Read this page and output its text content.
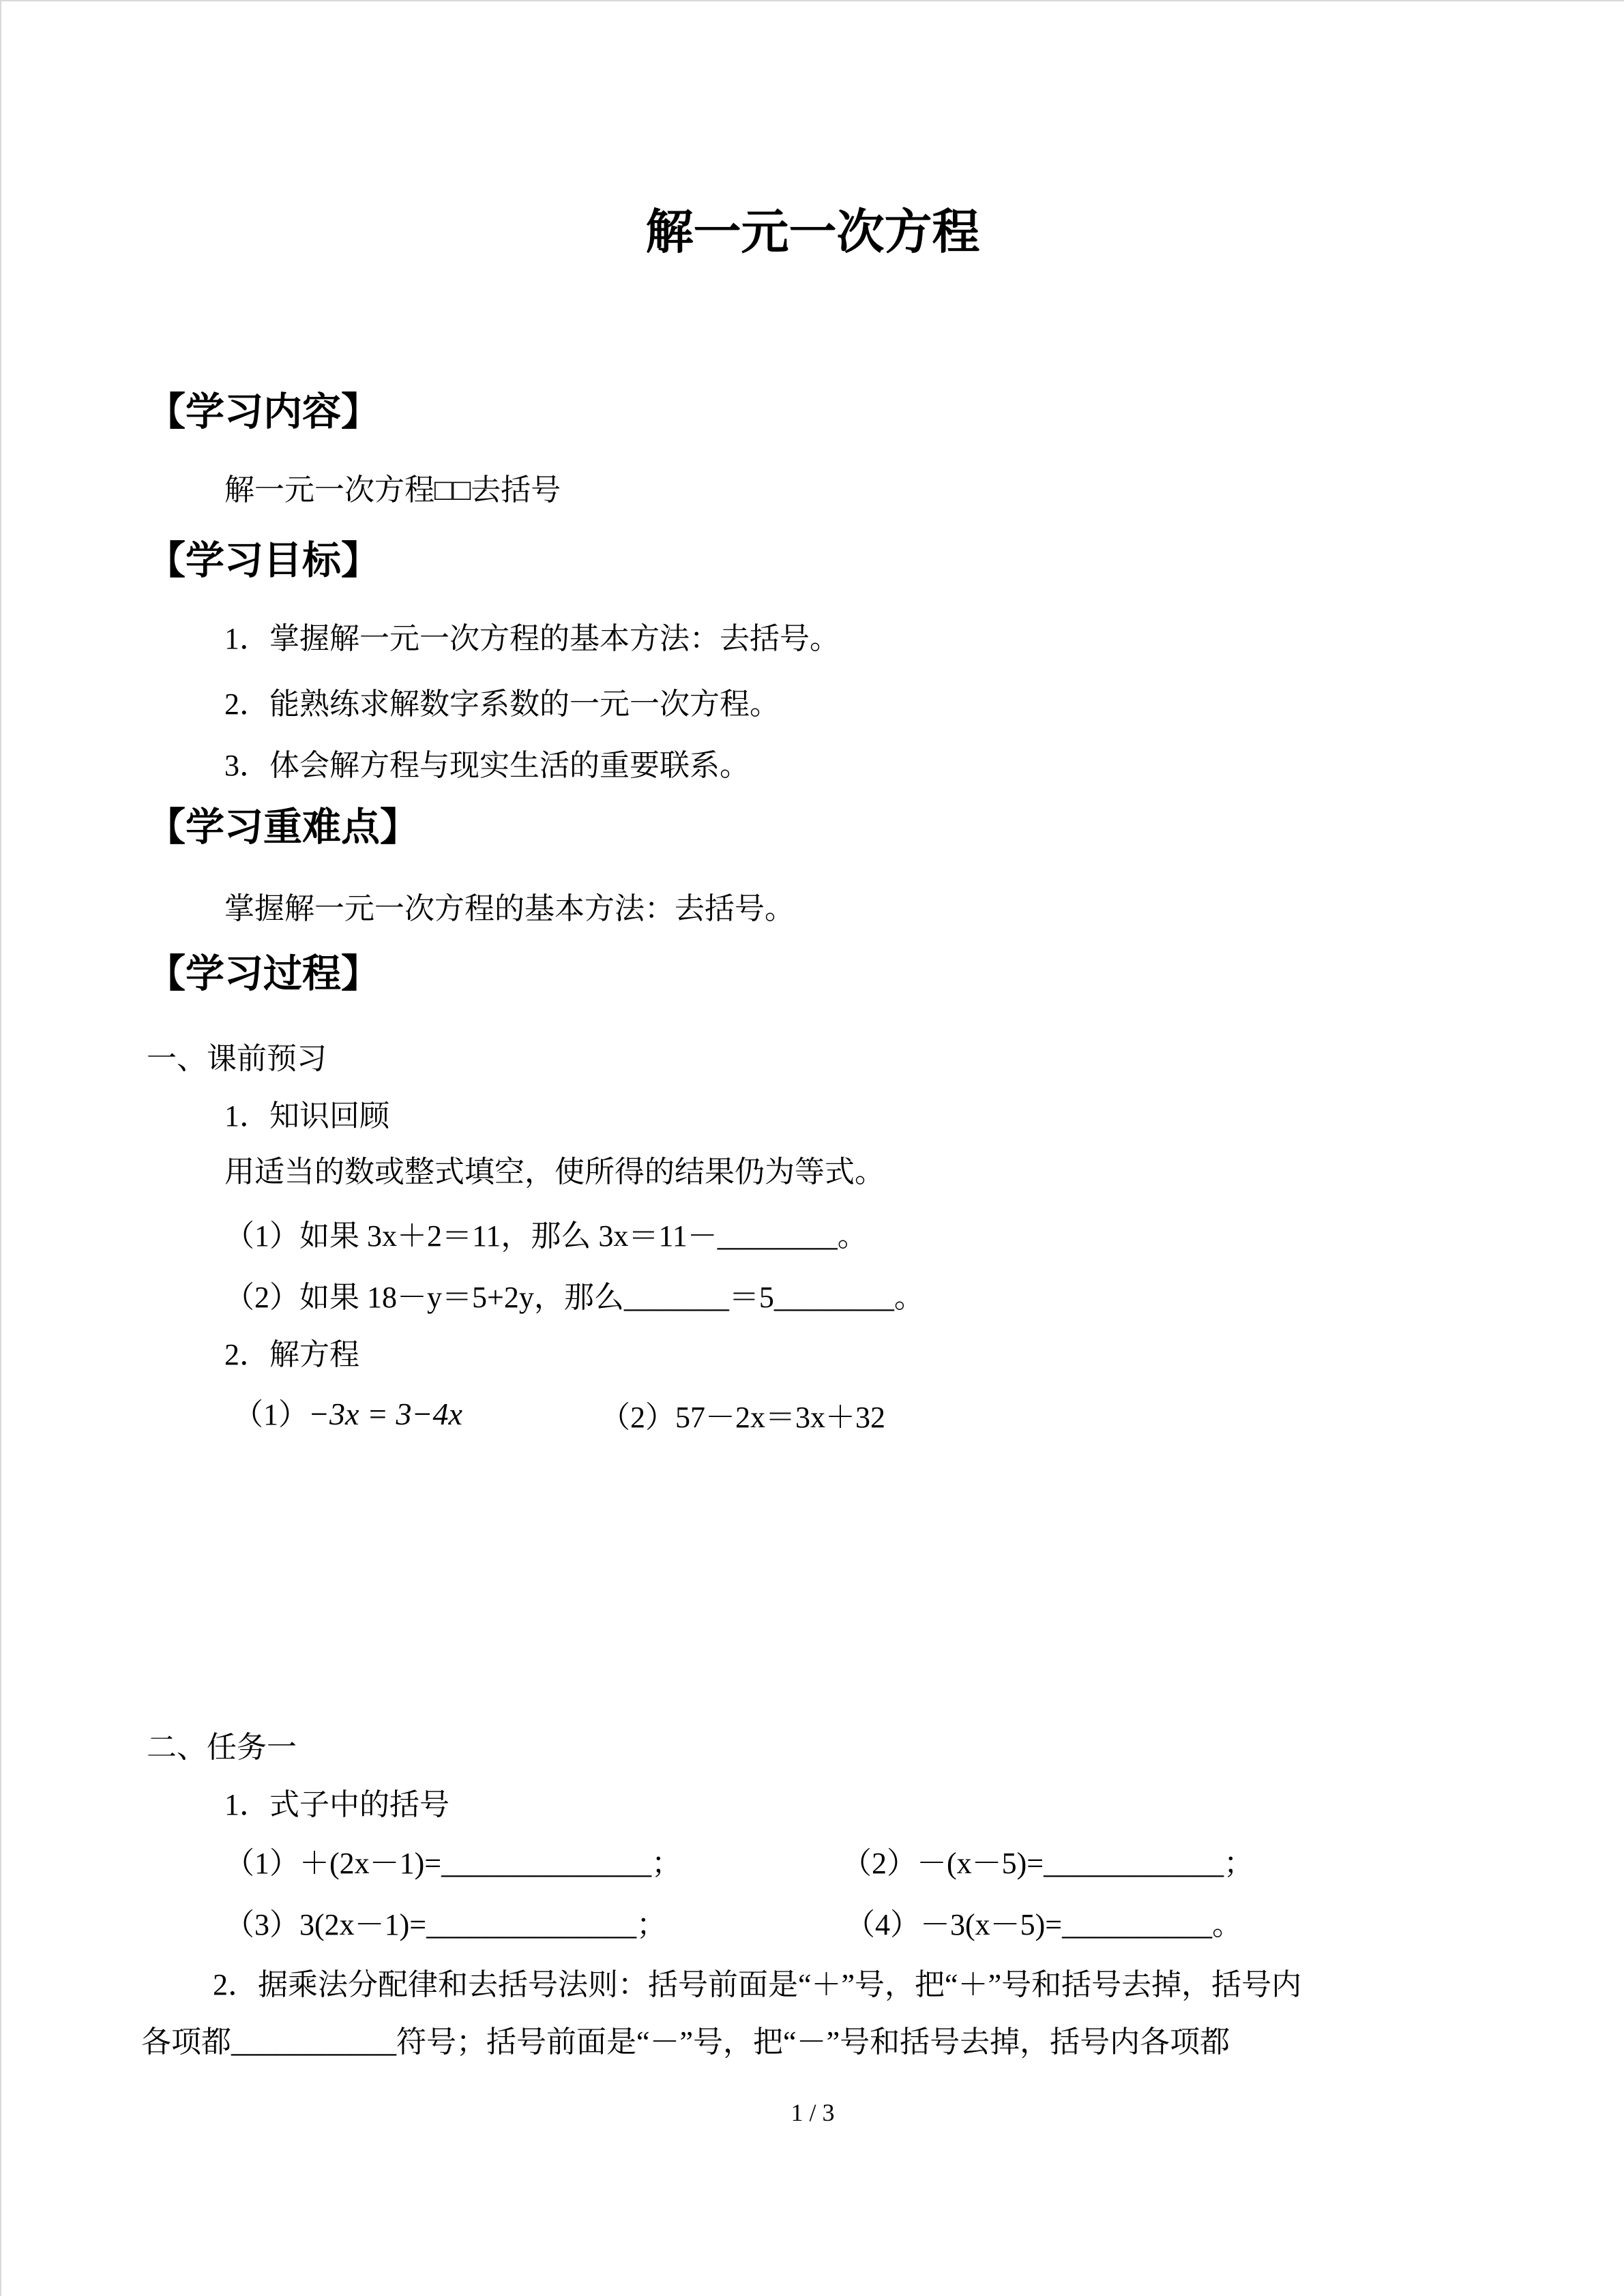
解一元一次方程
【学习内容】
解一元一次方程□□去括号
【学习目标】
1．掌握解一元一次方程的基本方法：去括号。
2．能熟练求解数字系数的一元一次方程。
3．体会解方程与现实生活的重要联系。
【学习重难点】
掌握解一元一次方程的基本方法：去括号。
【学习过程】
一、课前预习
1．知识回顾
用适当的数或整式填空，使所得的结果仍为等式。
（1）如果 3x＋2＝11，那么 3x＝11－________。
（2）如果 18－y＝5+2y，那么_______＝5________。
2．解方程
（1）−3x = 3−4x	（2）57－2x＝3x＋32
二、任务一
1．式子中的括号
（1）＋(2x－1)=______________；	（2）－(x－5)=____________；
（3）3(2x－1)=______________；	（4）－3(x－5)=__________。
2．据乘法分配律和去括号法则：括号前面是“＋”号，把“＋”号和括号去掉，括号内
各项都___________符号；括号前面是“－”号，把“－”号和括号去掉，括号内各项都
1 / 3
